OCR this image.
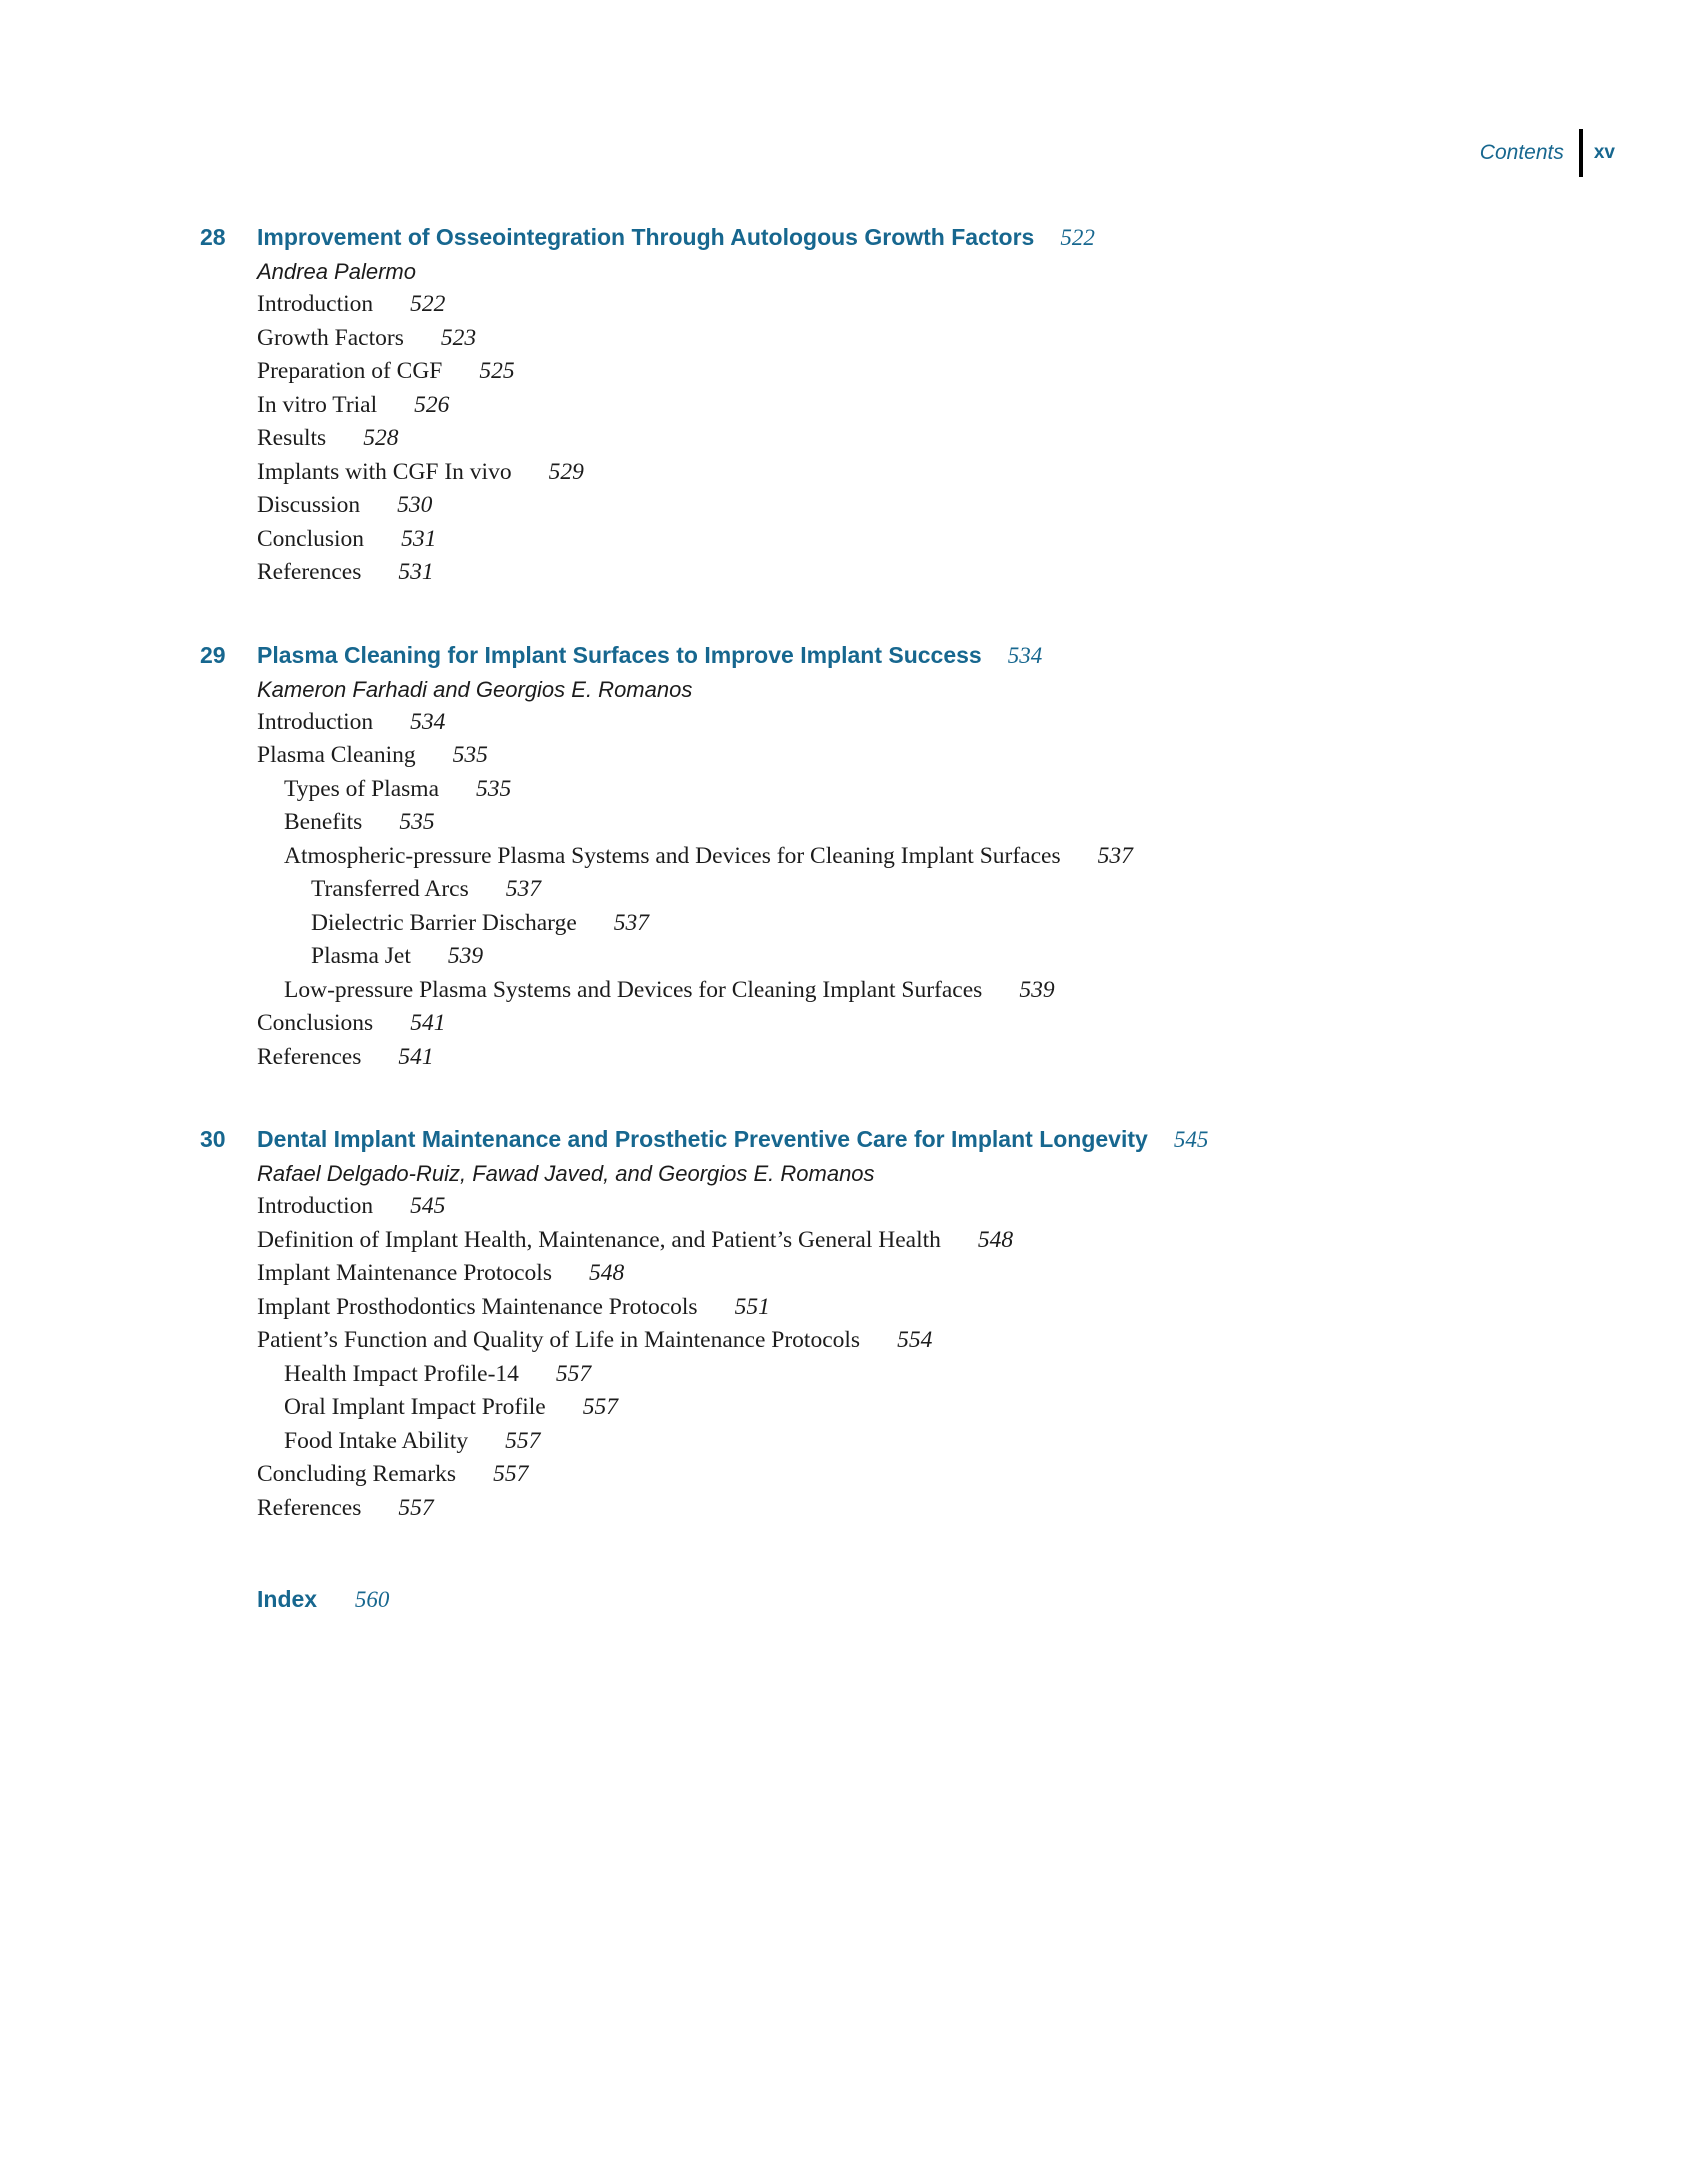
Contents xv
28	Improvement of Osseointegration Through Autologous Growth Factors 522
Andrea Palermo
Introduction 522
Growth Factors 523
Preparation of CGF 525
In vitro Trial 526
Results 528
Implants with CGF In vivo 529
Discussion 530
Conclusion 531
References 531
29	Plasma Cleaning for Implant Surfaces to Improve Implant Success 534
Kameron Farhadi and Georgios E. Romanos
Introduction 534
Plasma Cleaning 535
Types of Plasma 535
Benefits 535
Atmospheric-pressure Plasma Systems and Devices for Cleaning Implant Surfaces 537
Transferred Arcs 537
Dielectric Barrier Discharge 537
Plasma Jet 539
Low-pressure Plasma Systems and Devices for Cleaning Implant Surfaces 539
Conclusions 541
References 541
30	Dental Implant Maintenance and Prosthetic Preventive Care for Implant Longevity 545
Rafael Delgado-Ruiz, Fawad Javed, and Georgios E. Romanos
Introduction 545
Definition of Implant Health, Maintenance, and Patient’s General Health 548
Implant Maintenance Protocols 548
Implant Prosthodontics Maintenance Protocols 551
Patient’s Function and Quality of Life in Maintenance Protocols 554
Health Impact Profile-14 557
Oral Implant Impact Profile 557
Food Intake Ability 557
Concluding Remarks 557
References 557
Index 560
